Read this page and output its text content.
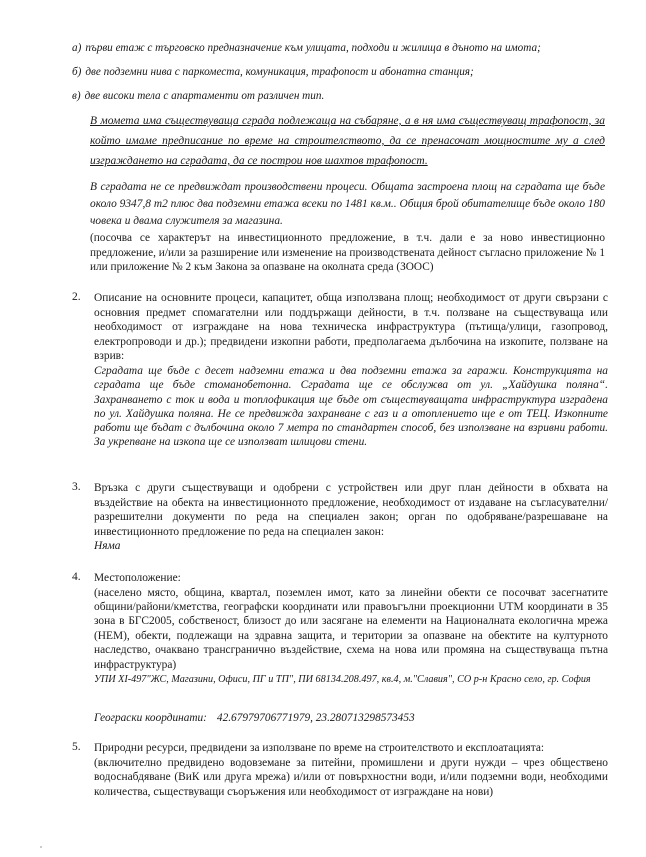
а) първи етаж с търговско предназначение към улицата, подходи и жилища в дъното на имота;
б) две подземни нива с паркоместа, комуникация, трафопост и абонатна станция;
в) две високи тела с апартаменти от различен тип.
В момета има съществуваща сграда подлежаща на събаряне, а в ня има съществуващ трафопост, за който имаме предписание по време на строителството, да се пренасочат мощностите му а след изграждането на сградата, да се построи нов шахтов трафопост.
В сградата не се предвиждат производствени процеси. Общата застроена площ на сградата ще бъде около 9347,8 т2 плюс два подземни етажа всеки по 1481 кв.м.. Общия брой обитателище бъде около 180 човека и двама служителя за магазина.
(посочва се характерът на инвестиционното предложение, в т.ч. дали е за ново инвестиционно предложение, и/или за разширение или изменение на производствената дейност съгласно приложение № 1 или приложение № 2 към Закона за опазване на околната среда (ЗООС)
2. Описание на основните процеси, капацитет, обща използвана площ; необходимост от други свързани с основния предмет спомагателни или поддържащи дейности, в т.ч. ползване на съществуваща или необходимост от изграждане на нова техническа инфраструктура (пътища/улици, газопровод, електропроводи и др.); предвидени изкопни работи, предполагаема дълбочина на изкопите, ползване на взрив:

Сградата ще бъде с десет надземни етажа и два подземни етажа за гаражи. Конструкцията на сградата ще бъде стоманобетонна. Сградата ще се обслужва от ул. „Хайдушка поляна“. Захранването с ток и вода и топлофикация ще бъде от съществуващата инфраструктура изградена по ул. Хайдушка поляна. Не се предвижда захранване с газ и а отоплението ще е от ТЕЦ. Изкопните работи ще бъдат с дълбочина около 7 метра по стандартен способ, без използване на взривни работи. За укрепване на изкопа ще се използват шлицови стени.

3. Връзка с други съществуващи и одобрени с устройствен или друг план дейности в обхвата на въздействие на обекта на инвестиционното предложение, необходимост от издаване на съгласувателни/разрешителни документи по реда на специален закон; орган по одобряване/разрешаване на инвестиционното предложение по реда на специален закон:

Няма

4. Местоположение:

(населено място, община, квартал, поземлен имот, като за линейни обекти се посочват засегнатите общини/райони/кметства, географски координати или правоъгълни проекционни UTM координати в 35 зона в БГС2005, собственост, близост до или засягане на елементи на Националната екологична мрежа (НЕМ), обекти, подлежащи на здравна защита, и територии за опазване на обектите на културното наследство, очаквано трансгранично въздействие, схема на нова или промяна на съществуваща пътна инфраструктура)

УПИ XI-497"ЖС, Магазини, Офиси, ПГ и ТП", ПИ 68134.208.497, кв.4, м."Славия", СО р-н Красно село, гр. София

Геограски координати: 42.67979706771979, 23.280713298573453
5. Природни ресурси, предвидени за използване по време на строителството и експлоатацията:

(включително предвидено водовземане за питейни, промишлени и други нужди – чрез обществено водоснабдяване (ВиК или друга мрежа) и/или от повърхностни води, и/или подземни води, необходими количества, съществуващи съоръжения или необходимост от изграждане на нови)
